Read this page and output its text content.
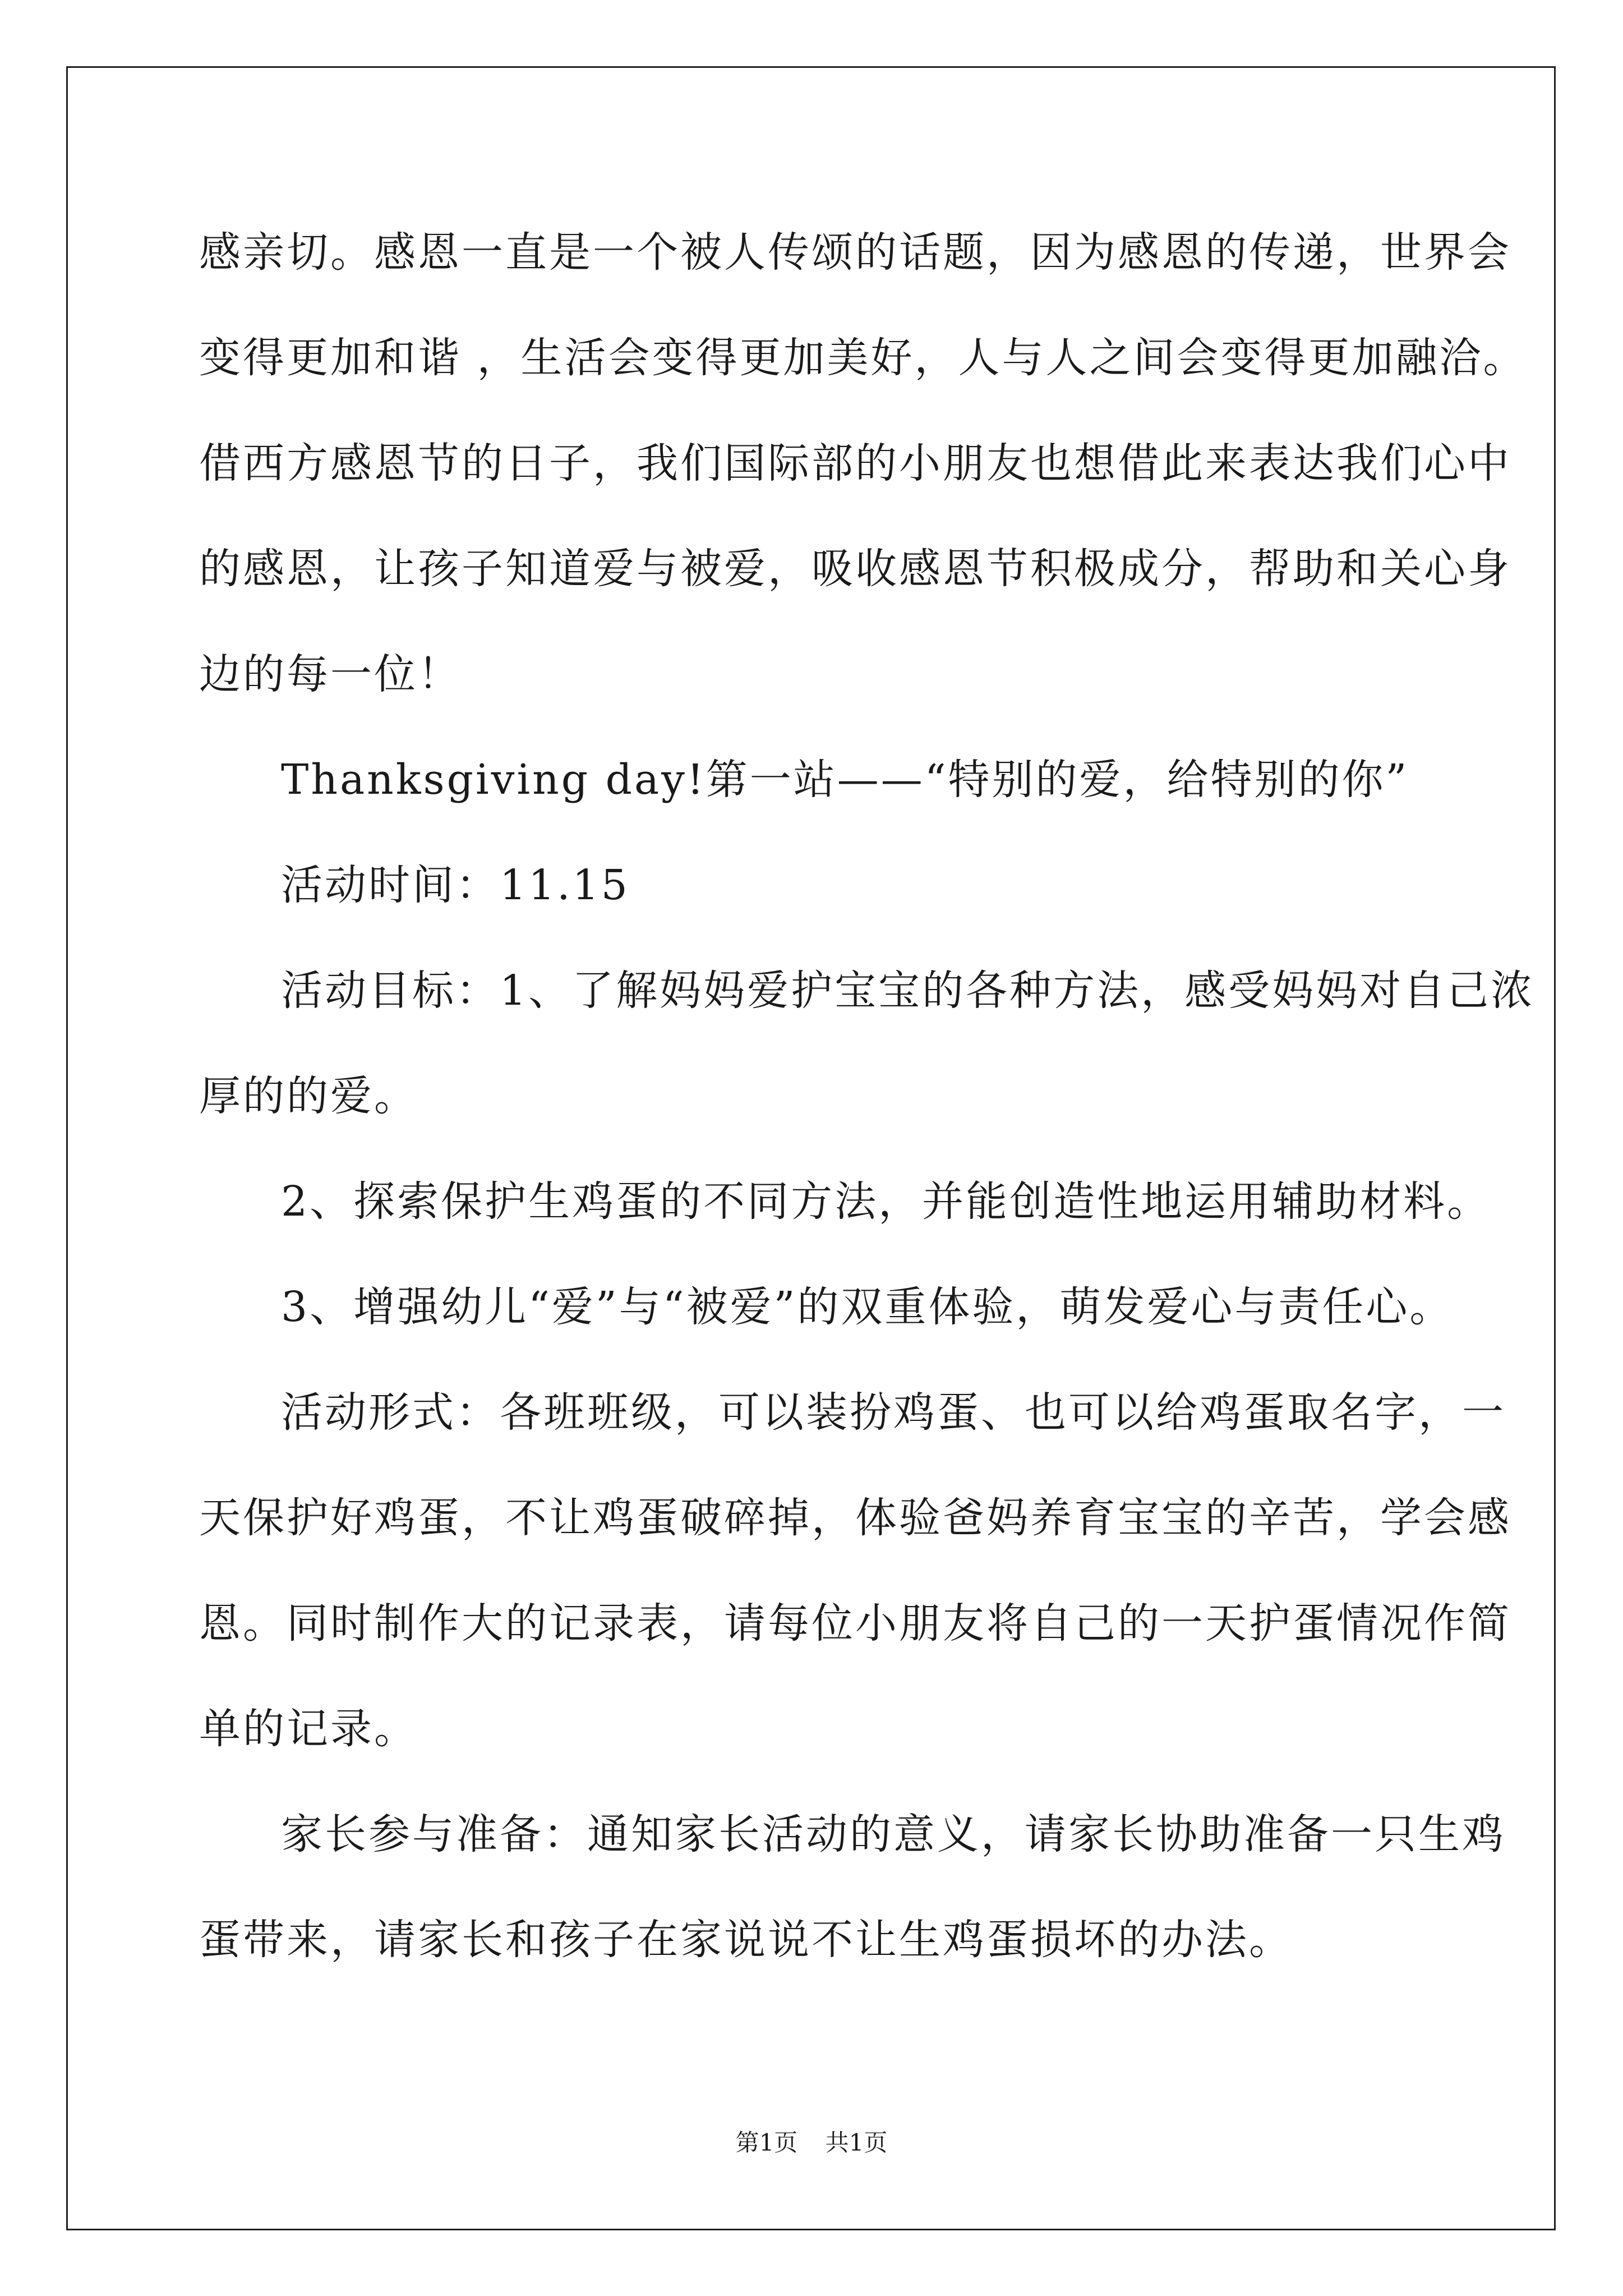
感亲切。感恩一直是一个被人传颂的话题，因为感恩的传递，世界会
变得更加和谐 ，生活会变得更加美好，人与人之间会变得更加融洽。
借西方感恩节的日子，我们国际部的小朋友也想借此来表达我们心中
的感恩，让孩子知道爱与被爱，吸收感恩节积极成分，帮助和关心身
边的每一位！
Thanksgiving day!第一站——“特别的爱，给特别的你”
活动时间：11.15
活动目标：1、了解妈妈爱护宝宝的各种方法，感受妈妈对自己浓
厚的的爱。
2、探索保护生鸡蛋的不同方法，并能创造性地运用辅助材料。
3、增强幼儿“爱”与“被爱”的双重体验，萌发爱心与责任心。
活动形式：各班班级，可以装扮鸡蛋、也可以给鸡蛋取名字，一
天保护好鸡蛋，不让鸡蛋破碎掉，体验爸妈养育宝宝的辛苦，学会感
恩。同时制作大的记录表，请每位小朋友将自己的一天护蛋情况作简
单的记录。
家长参与准备：通知家长活动的意义，请家长协助准备一只生鸡
蛋带来，请家长和孩子在家说说不让生鸡蛋损坏的办法。
第1页 共1页
